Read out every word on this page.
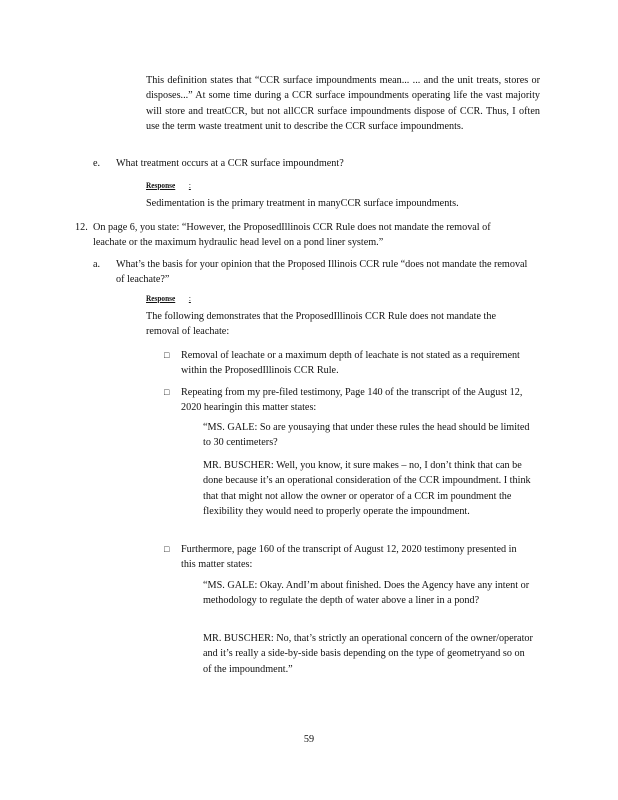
This definition states that “CCR surface impoundments mean... ... and the unit treats, stores or disposes...” At some time during a CCR surface impoundments operating life the vast majority will store and treatCCR, but not allCCR surface impoundments dispose of CCR. Thus, I often use the term waste treatment unit to describe the CCR surface impoundments.
e. What treatment occurs at a CCR surface impoundment?
Response :
Sedimentation is the primary treatment in manyCCR surface impoundments.
12. On page 6, you state: “However, the ProposedIllinois CCR Rule does not mandate the removal of leachate or the maximum hydraulic head level on a pond liner system.”
a. What’s the basis for your opinion that the Proposed Illinois CCR rule “does not mandate the removal of leachate?”
Response :
The following demonstrates that the ProposedIllinois CCR Rule does not mandate the removal of leachate:
□ Removal of leachate or a maximum depth of leachate is not stated as a requirement within the ProposedIllinois CCR Rule.
□ Repeating from my pre-filed testimony, Page 140 of the transcript of the August 12, 2020 hearingin this matter states:
“MS. GALE: So are yousaying that under these rules the head should be limited to 30 centimeters?
MR. BUSCHER: Well, you know, it sure makes – no, I don’t think that can be done because it’s an operational consideration of the CCR impoundment. I think that that might not allow the owner or operator of a CCR im poundment the flexibility they would need to properly operate the impoundment.
□ Furthermore, page 160 of the transcript of August 12, 2020 testimony presented in this matter states:
“MS. GALE: Okay. AndI’m about finished. Does the Agency have any intent or methodology to regulate the depth of water above a liner in a pond?
MR. BUSCHER: No, that’s strictly an operational concern of the owner/operator and it’s really a side-by-side basis depending on the type of geometryand so on of the impoundment.”
59
